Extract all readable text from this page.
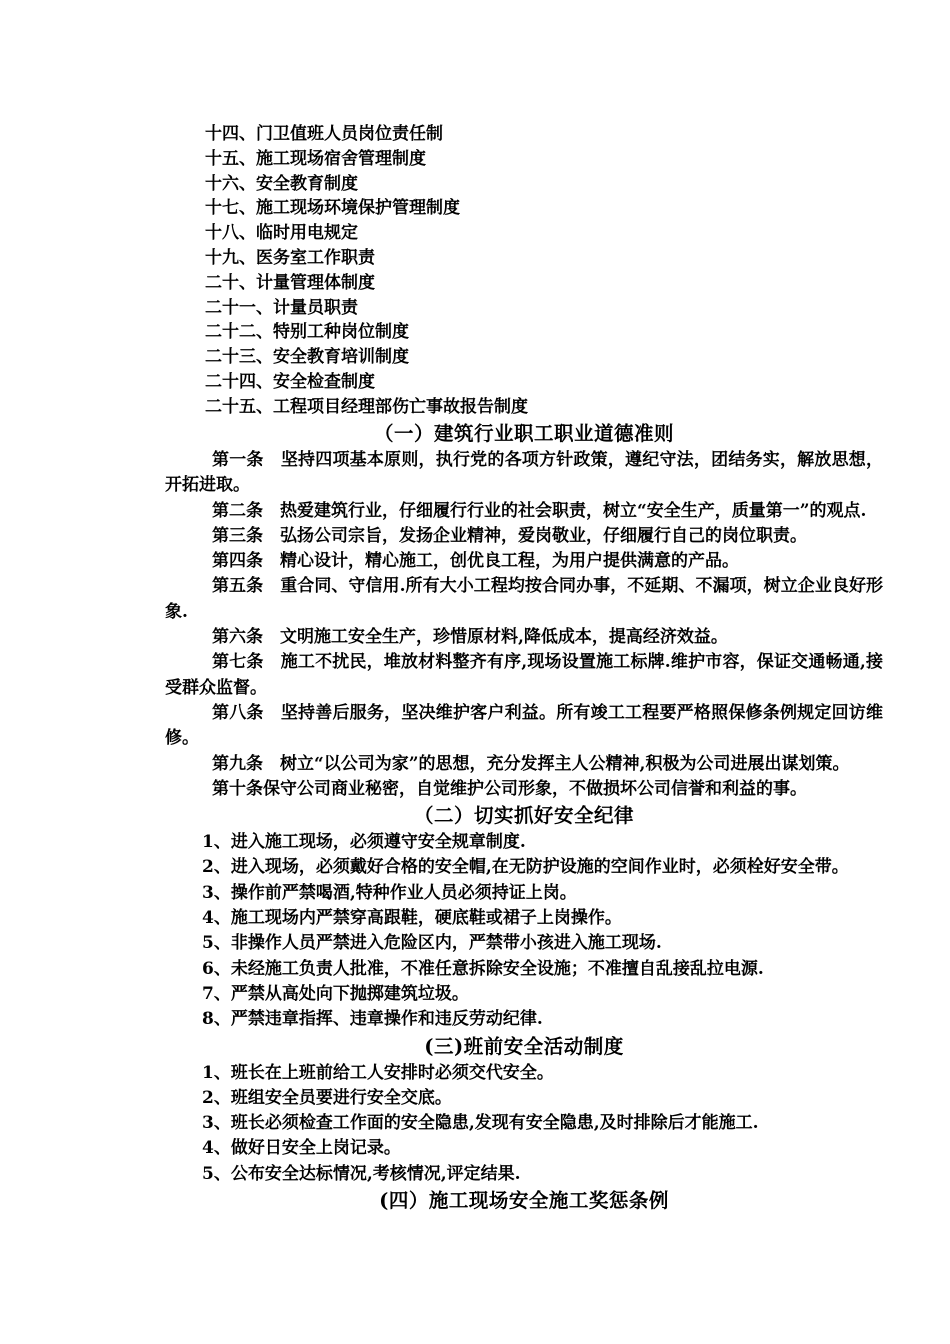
十四、门卫值班人员岗位责任制
十五、施工现场宿舍管理制度
十六、安全教育制度
十七、施工现场环境保护管理制度
十八、临时用电规定
十九、医务室工作职责
二十、计量管理体制度
二十一、计量员职责
二十二、特别工种岗位制度
二十三、安全教育培训制度
二十四、安全检查制度
二十五、工程项目经理部伤亡事故报告制度
（一）建筑行业职工职业道德准则

第一条　坚持四项基本原则，执行党的各项方针政策，遵纪守法，团结务实，解放思想，开拓进取。

第二条　热爱建筑行业，仔细履行行业的社会职责，树立“安全生产，质量第一”的观点.

第三条　弘扬公司宗旨，发扬企业精神，爱岗敬业，仔细履行自己的岗位职责。

第四条　精心设计，精心施工，创优良工程，为用户提供满意的产品。

第五条　重合同、守信用.所有大小工程均按合同办事，不延期、不漏项，树立企业良好形象.

第六条　文明施工安全生产，珍惜原材料,降低成本，提高经济效益。

第七条　施工不扰民，堆放材料整齐有序,现场设置施工标牌.维护市容，保证交通畅通,接受群众监督。

第八条　坚持善后服务，坚决维护客户利益。所有竣工工程要严格照保修条例规定回访维修。

第九条　树立“以公司为家”的思想，充分发挥主人公精神,积极为公司进展出谋划策。

第十条保守公司商业秘密，自觉维护公司形象，不做损坏公司信誉和利益的事。

（二）切实抓好安全纪律

1、进入施工现场，必须遵守安全规章制度.

2、进入现场，必须戴好合格的安全帽,在无防护设施的空间作业时，必须栓好安全带。

3、操作前严禁喝酒,特种作业人员必须持证上岗。

4、施工现场内严禁穿高跟鞋，硬底鞋或裙子上岗操作。

5、非操作人员严禁进入危险区内，严禁带小孩进入施工现场.

6、未经施工负责人批准，不准任意拆除安全设施；不准擅自乱接乱拉电源.

7、严禁从高处向下抛掷建筑垃圾。

8、严禁违章指挥、违章操作和违反劳动纪律.

(三)班前安全活动制度

1、班长在上班前给工人安排时必须交代安全。

2、班组安全员要进行安全交底。

3、班长必须检查工作面的安全隐患,发现有安全隐患,及时排除后才能施工.

4、做好日安全上岗记录。

5、公布安全达标情况,考核情况,评定结果.

(四）施工现场安全施工奖惩条例
